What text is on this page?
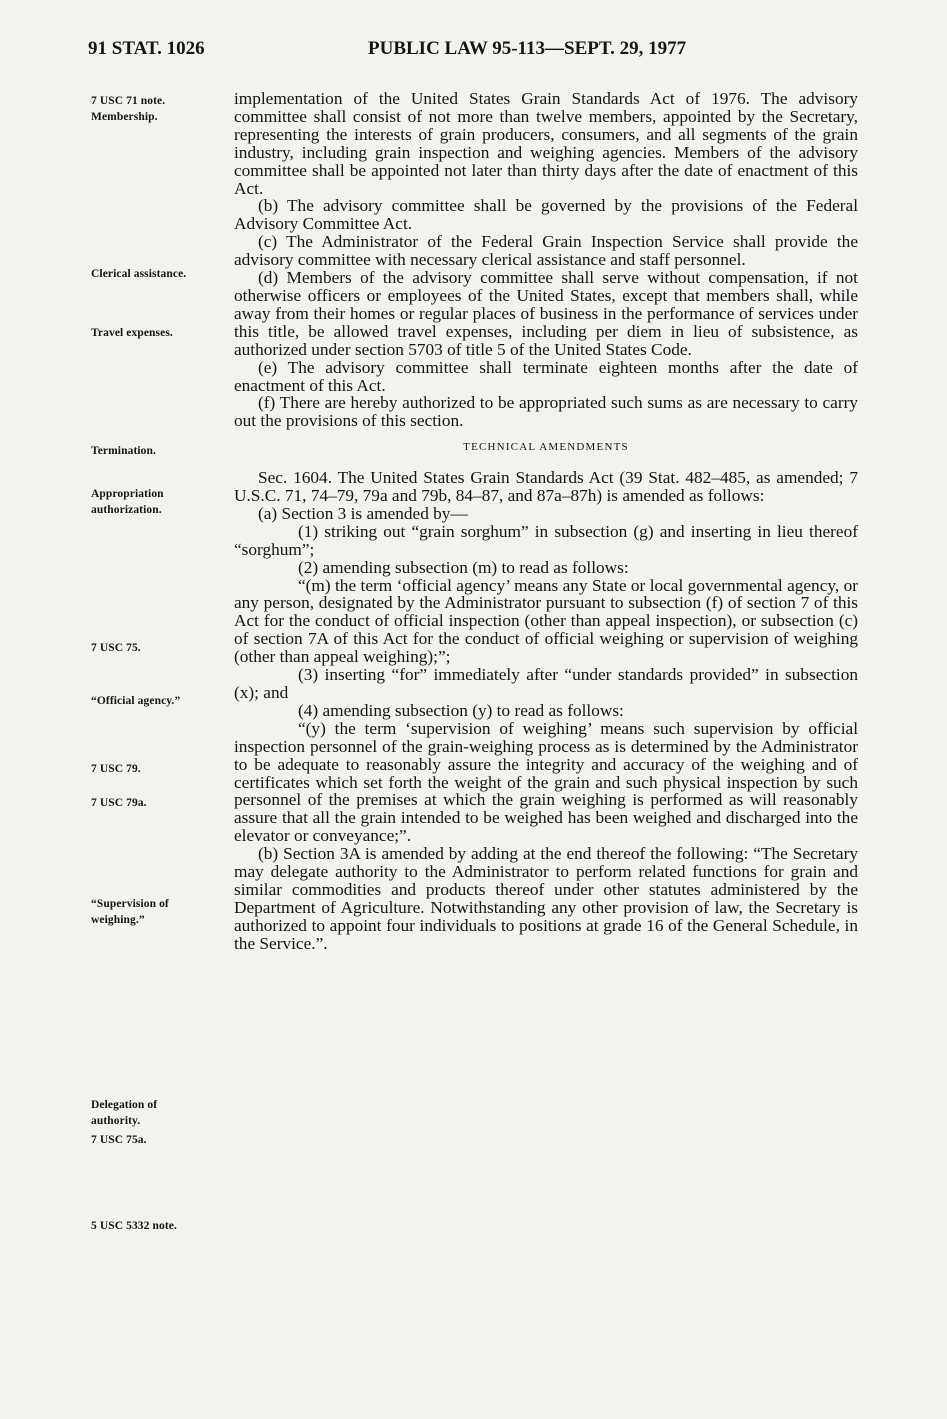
91 STAT. 1026	PUBLIC LAW 95-113—SEPT. 29, 1977
7 USC 71 note.
Membership.
Clerical assistance.
Travel expenses.
Termination.
Appropriation authorization.
7 USC 75.
“Official agency.”
7 USC 79.
7 USC 79a.
“Supervision of weighing.”
Delegation of authority.
7 USC 75a.
5 USC 5332 note.

implementation of the United States Grain Standards Act of 1976. The advisory committee shall consist of not more than twelve members, appointed by the Secretary, representing the interests of grain producers, consumers, and all segments of the grain industry, including grain inspection and weighing agencies. Members of the advisory committee shall be appointed not later than thirty days after the date of enactment of this Act.

(b) The advisory committee shall be governed by the provisions of the Federal Advisory Committee Act.

(c) The Administrator of the Federal Grain Inspection Service shall provide the advisory committee with necessary clerical assistance and staff personnel.

(d) Members of the advisory committee shall serve without compensation, if not otherwise officers or employees of the United States, except that members shall, while away from their homes or regular places of business in the performance of services under this title, be allowed travel expenses, including per diem in lieu of subsistence, as authorized under section 5703 of title 5 of the United States Code.

(e) The advisory committee shall terminate eighteen months after the date of enactment of this Act.

(f) There are hereby authorized to be appropriated such sums as are necessary to carry out the provisions of this section.

TECHNICAL AMENDMENTS

Sec. 1604. The United States Grain Standards Act (39 Stat. 482–485, as amended; 7 U.S.C. 71, 74–79, 79a and 79b, 84–87, and 87a–87h) is amended as follows:

(a) Section 3 is amended by—

(1) striking out “grain sorghum” in subsection (g) and inserting in lieu thereof “sorghum”;

(2) amending subsection (m) to read as follows:

“(m) the term ‘official agency’ means any State or local governmental agency, or any person, designated by the Administrator pursuant to subsection (f) of section 7 of this Act for the conduct of official inspection (other than appeal inspection), or subsection (c) of section 7A of this Act for the conduct of official weighing or supervision of weighing (other than appeal weighing);”;

(3) inserting “for” immediately after “under standards provided” in subsection (x); and

(4) amending subsection (y) to read as follows:

“(y) the term ‘supervision of weighing’ means such supervision by official inspection personnel of the grain-weighing process as is determined by the Administrator to be adequate to reasonably assure the integrity and accuracy of the weighing and of certificates which set forth the weight of the grain and such physical inspection by such personnel of the premises at which the grain weighing is performed as will reasonably assure that all the grain intended to be weighed has been weighed and discharged into the elevator or conveyance;”.

(b) Section 3A is amended by adding at the end thereof the following: “The Secretary may delegate authority to the Administrator to perform related functions for grain and similar commodities and products thereof under other statutes administered by the Department of Agriculture. Notwithstanding any other provision of law, the Secretary is authorized to appoint four individuals to positions at grade 16 of the General Schedule, in the Service.”.
